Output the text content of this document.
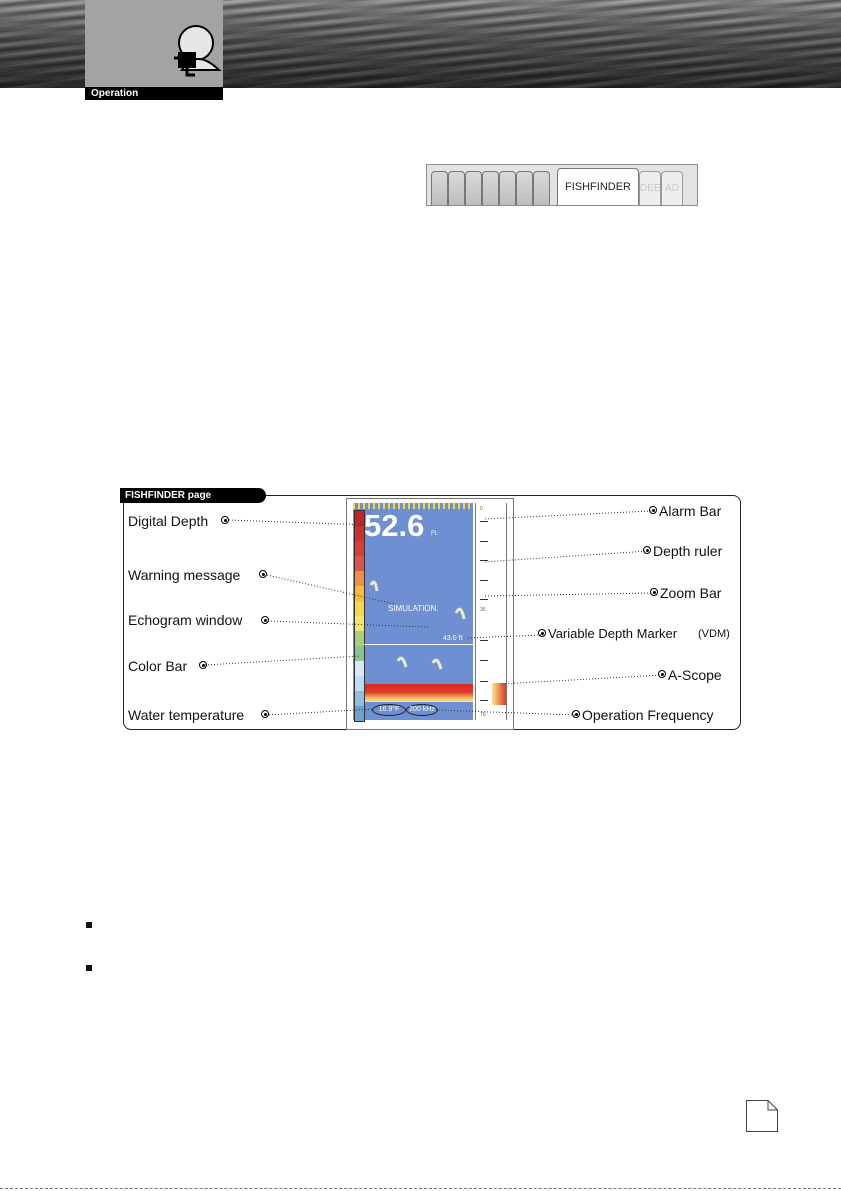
Operation
FISHFINDER DEE AD
FISHFINDER page
52.6 Ft.
SIMULATION.
43.0 ft
0
35
70
16.9°F	200 kHz
Digital Depth
Warning message
Echogram window
Color Bar
Water temperature
Alarm Bar
Depth ruler
Zoom Bar
Variable Depth Marker (VDM)
A-Scope
Operation Frequency
